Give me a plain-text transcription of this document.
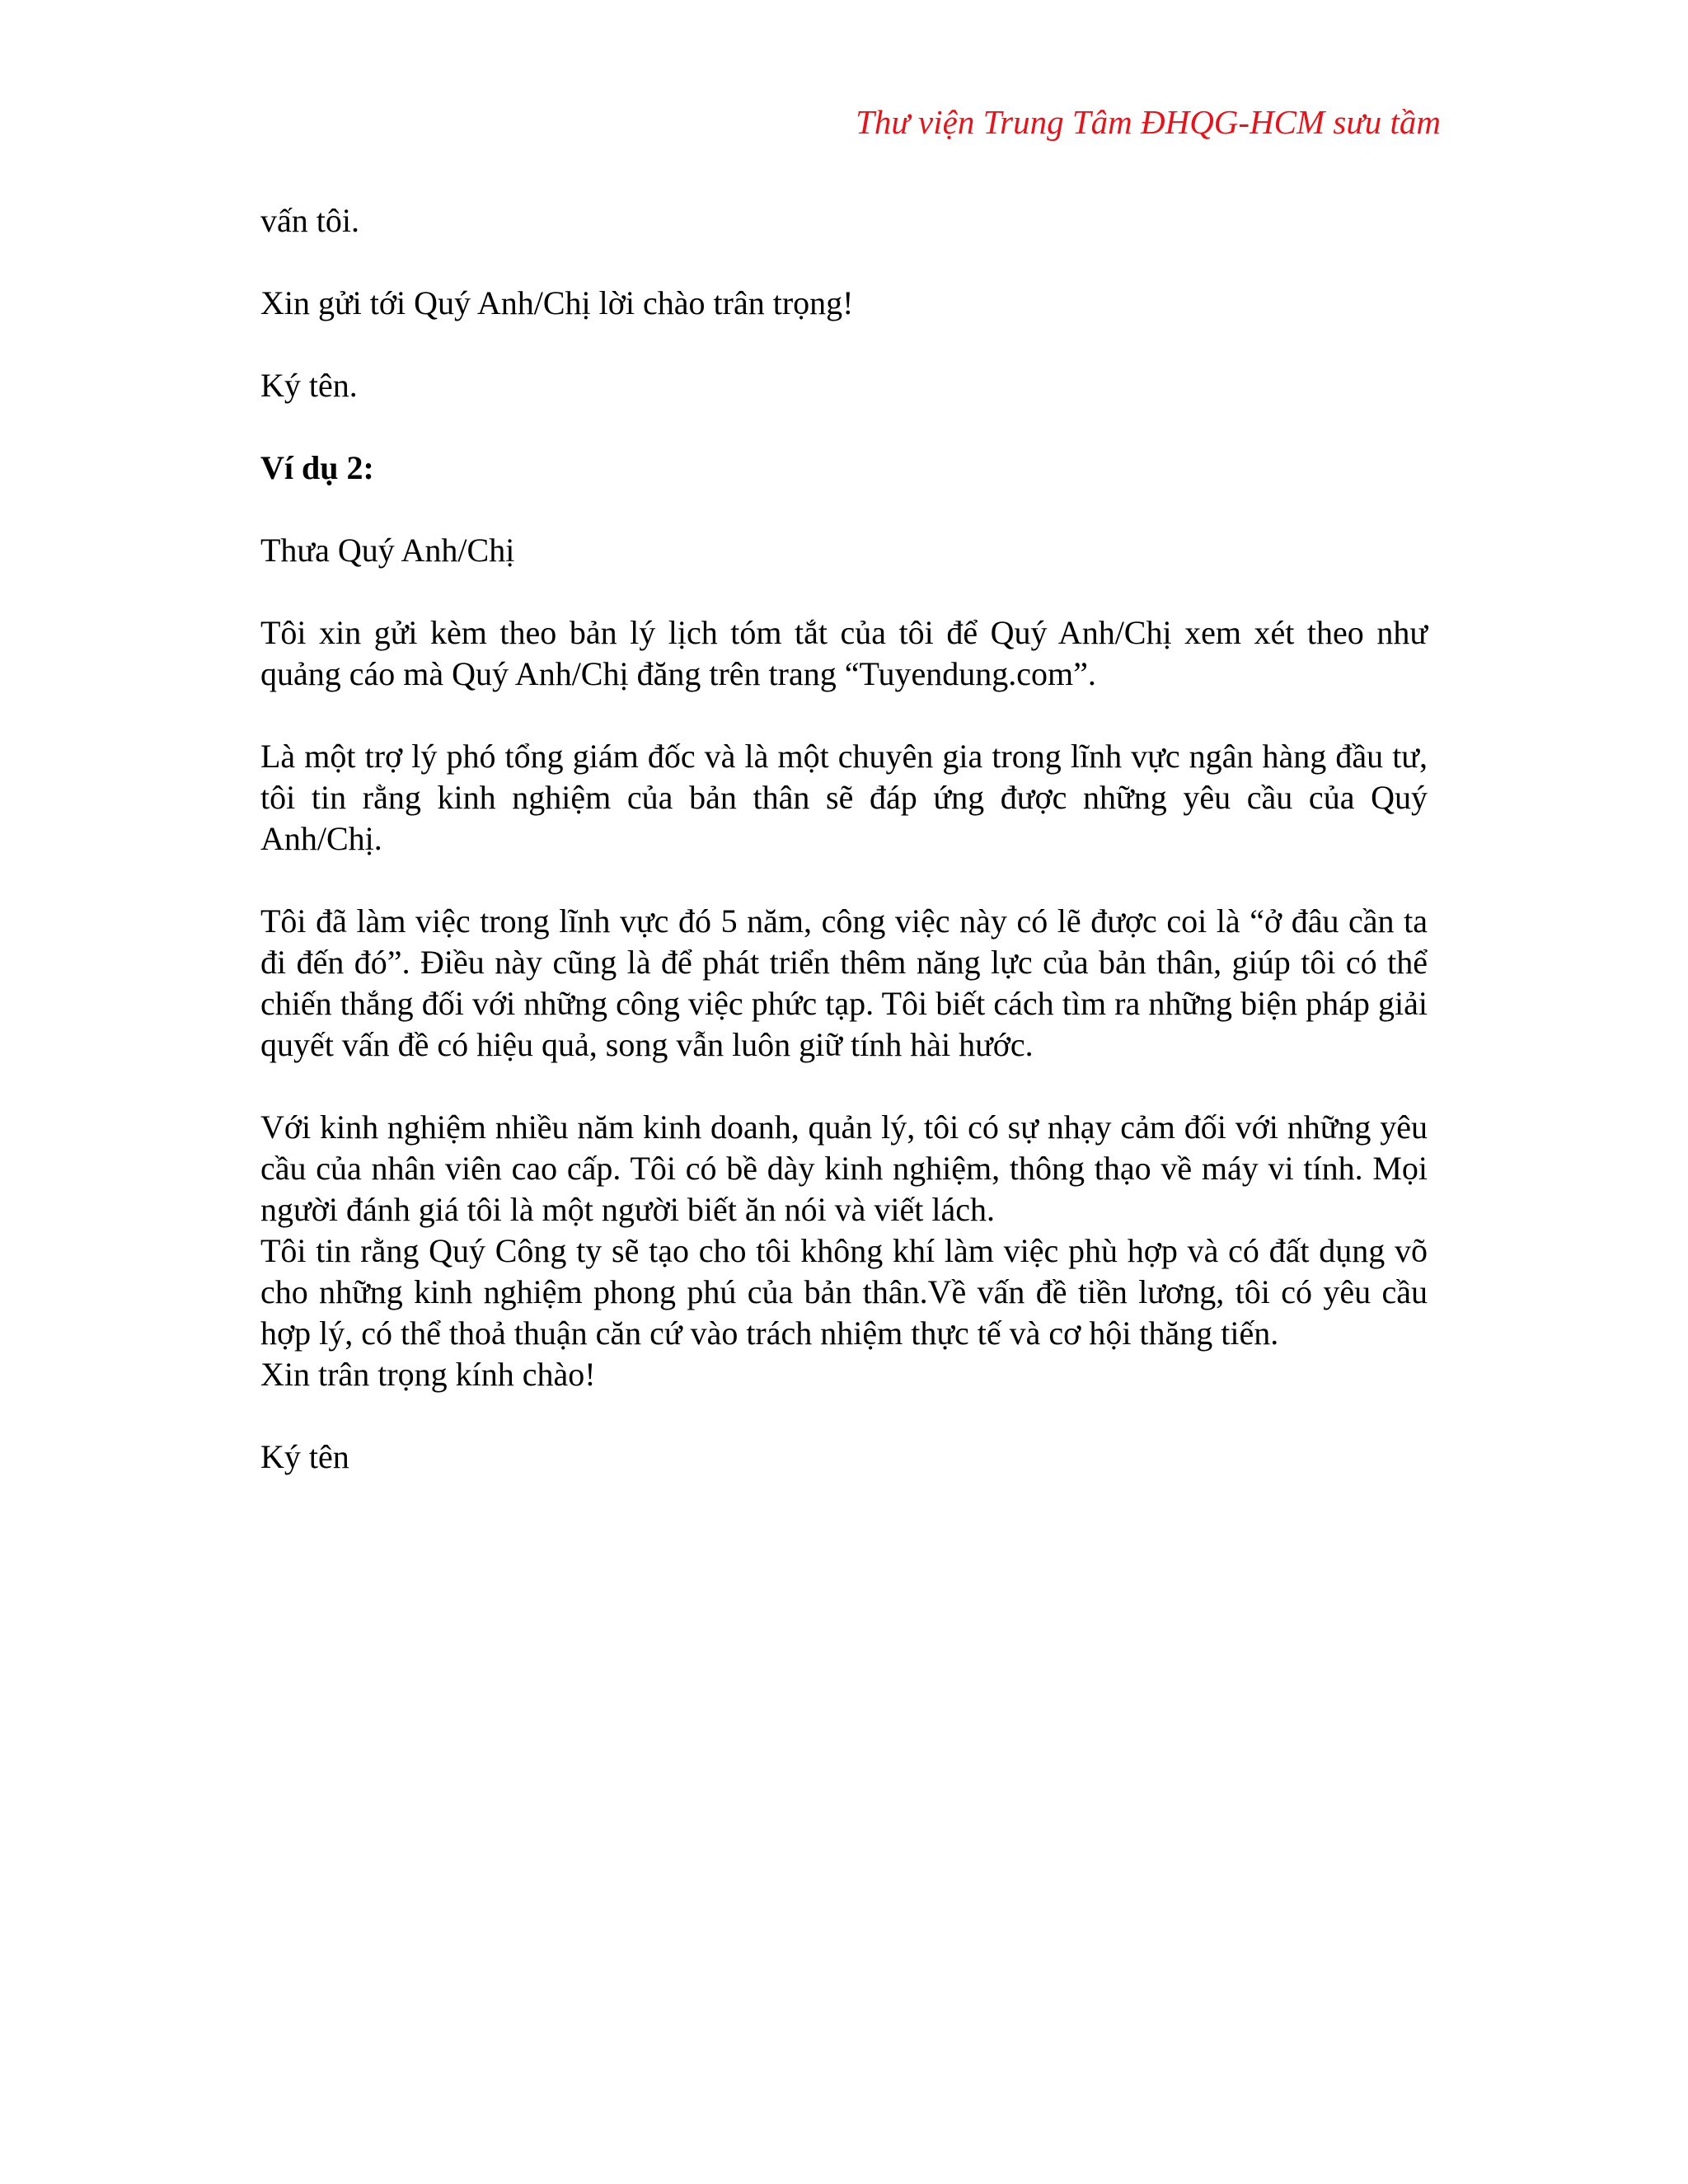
Thư viện Trung Tâm ĐHQG-HCM sưu tầm

vấn tôi.

Xin gửi tới Quý Anh/Chị lời chào trân trọng!

Ký tên.

Ví dụ 2:

Thưa Quý Anh/Chị

Tôi xin gửi kèm theo bản lý lịch tóm tắt của tôi để Quý Anh/Chị xem xét theo như quảng cáo mà Quý Anh/Chị đăng trên trang “Tuyendung.com”.

Là một trợ lý phó tổng giám đốc và là một chuyên gia trong lĩnh vực ngân hàng đầu tư, tôi tin rằng kinh nghiệm của bản thân sẽ đáp ứng được những yêu cầu của Quý Anh/Chị.

Tôi đã làm việc trong lĩnh vực đó 5 năm, công việc này có lẽ được coi là “ở đâu cần ta đi đến đó”. Điều này cũng là để phát triển thêm năng lực của bản thân, giúp tôi có thể chiến thắng đối với những công việc phức tạp. Tôi biết cách tìm ra những biện pháp giải quyết vấn đề có hiệu quả, song vẫn luôn giữ tính hài hước.

Với kinh nghiệm nhiều năm kinh doanh, quản lý, tôi có sự nhạy cảm đối với những yêu cầu của nhân viên cao cấp. Tôi có bề dày kinh nghiệm, thông thạo về máy vi tính. Mọi người đánh giá tôi là một người biết ăn nói và viết lách.

Tôi tin rằng Quý Công ty sẽ tạo cho tôi không khí làm việc phù hợp và có đất dụng võ cho những kinh nghiệm phong phú của bản thân.Về vấn đề tiền lương, tôi có yêu cầu hợp lý, có thể thoả thuận căn cứ vào trách nhiệm thực tế và cơ hội thăng tiến.

Xin trân trọng kính chào!

Ký tên
